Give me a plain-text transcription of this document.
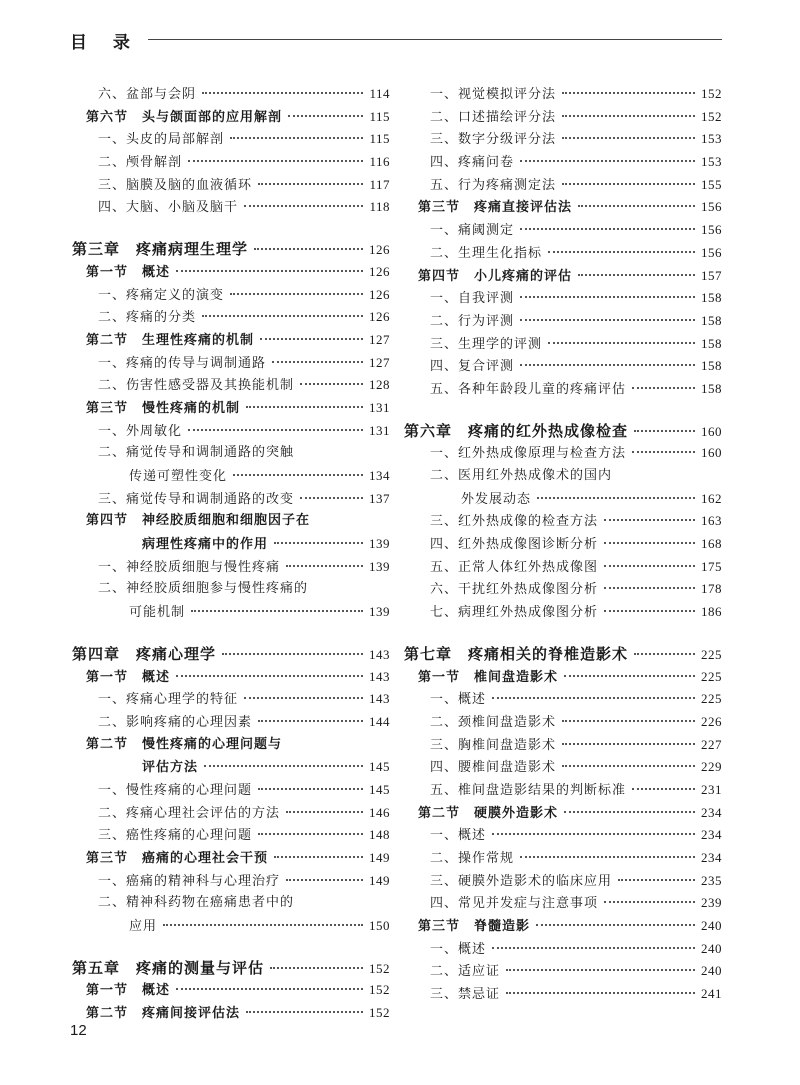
目 录
六、盆部与会阴	114
第六节　头与颌面部的应用解剖	115
一、头皮的局部解剖	115
二、颅骨解剖	116
三、脑膜及脑的血液循环	117
四、大脑、小脑及脑干	118
第三章　疼痛病理生理学	126
第一节　概述	126
一、疼痛定义的演变	126
二、疼痛的分类	126
第二节　生理性疼痛的机制	127
一、疼痛的传导与调制通路	127
二、伤害性感受器及其换能机制	128
第三节　慢性疼痛的机制	131
一、外周敏化	131
二、痛觉传导和调制通路的突触
传递可塑性变化	134
三、痛觉传导和调制通路的改变	137
第四节　神经胶质细胞和细胞因子在
病理性疼痛中的作用	139
一、神经胶质细胞与慢性疼痛	139
二、神经胶质细胞参与慢性疼痛的
可能机制	139
第四章　疼痛心理学	143
第一节　概述	143
一、疼痛心理学的特征	143
二、影响疼痛的心理因素	144
第二节　慢性疼痛的心理问题与
评估方法	145
一、慢性疼痛的心理问题	145
二、疼痛心理社会评估的方法	146
三、癌性疼痛的心理问题	148
第三节　癌痛的心理社会干预	149
一、癌痛的精神科与心理治疗	149
二、精神科药物在癌痛患者中的
应用	150
第五章　疼痛的测量与评估	152
第一节　概述	152
第二节　疼痛间接评估法	152
一、视觉模拟评分法	152
二、口述描绘评分法	152
三、数字分级评分法	153
四、疼痛问卷	153
五、行为疼痛测定法	155
第三节　疼痛直接评估法	156
一、痛阈测定	156
二、生理生化指标	156
第四节　小儿疼痛的评估	157
一、自我评测	158
二、行为评测	158
三、生理学的评测	158
四、复合评测	158
五、各种年龄段儿童的疼痛评估	158
第六章　疼痛的红外热成像检查	160
一、红外热成像原理与检查方法	160
二、医用红外热成像术的国内
外发展动态	162
三、红外热成像的检查方法	163
四、红外热成像图诊断分析	168
五、正常人体红外热成像图	175
六、干扰红外热成像图分析	178
七、病理红外热成像图分析	186
第七章　疼痛相关的脊椎造影术	225
第一节　椎间盘造影术	225
一、概述	225
二、颈椎间盘造影术	226
三、胸椎间盘造影术	227
四、腰椎间盘造影术	229
五、椎间盘造影结果的判断标准	231
第二节　硬膜外造影术	234
一、概述	234
二、操作常规	234
三、硬膜外造影术的临床应用	235
四、常见并发症与注意事项	239
第三节　脊髓造影	240
一、概述	240
二、适应证	240
三、禁忌证	241
12
